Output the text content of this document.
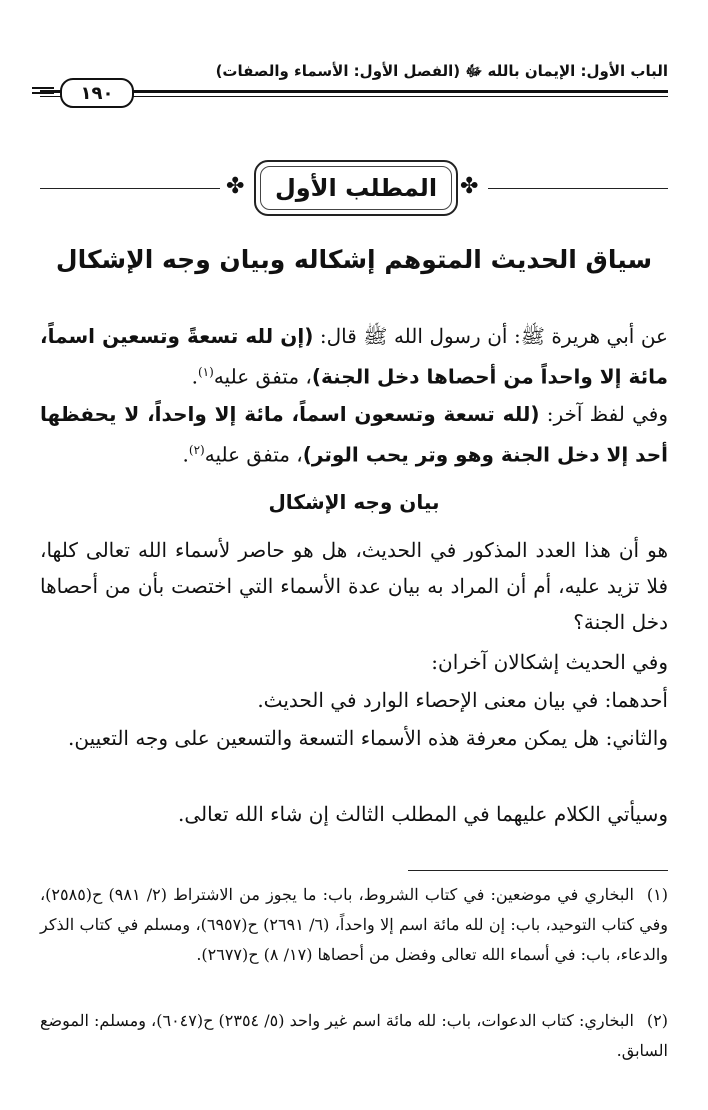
الباب الأول: الإيمان بالله ﷻ (الفصل الأول: الأسماء والصفات)
١٩٠
✤ المطلب الأول ✤
سياق الحديث المتوهم إشكاله وبيان وجه الإشكال
عن أبي هريرة ﷺ: أن رسول الله ﷺ قال: (إن لله تسعةً وتسعين اسماً، مائة إلا واحداً من أحصاها دخل الجنة)، متفق عليه$^{(١)}$.
وفي لفظ آخر: (لله تسعة وتسعون اسماً، مائة إلا واحداً، لا يحفظها أحد إلا دخل الجنة وهو وتر يحب الوتر)، متفق عليه$^{(٢)}$.
بيان وجه الإشكال
هو أن هذا العدد المذكور في الحديث، هل هو حاصر لأسماء الله تعالى كلها، فلا تزيد عليه، أم أن المراد به بيان عدة الأسماء التي اختصت بأن من أحصاها دخل الجنة؟
وفي الحديث إشكالان آخران:
أحدهما: في بيان معنى الإحصاء الوارد في الحديث.
والثاني: هل يمكن معرفة هذه الأسماء التسعة والتسعين على وجه التعيين.
وسيأتي الكلام عليهما في المطلب الثالث إن شاء الله تعالى.
(١)البخاري في موضعين: في كتاب الشروط، باب: ما يجوز من الاشتراط (٢/ ٩٨١) ح(٢٥٨٥)، وفي كتاب التوحيد، باب: إن لله مائة اسم إلا واحداً، (٦/ ٢٦٩١) ح(٦٩٥٧)، ومسلم في كتاب الذكر والدعاء، باب: في أسماء الله تعالى وفضل من أحصاها (١٧/ ٨) ح(٢٦٧٧).
(٢)البخاري: كتاب الدعوات، باب: لله مائة اسم غير واحد (٥/ ٢٣٥٤) ح(٦٠٤٧)، ومسلم: الموضع السابق.
